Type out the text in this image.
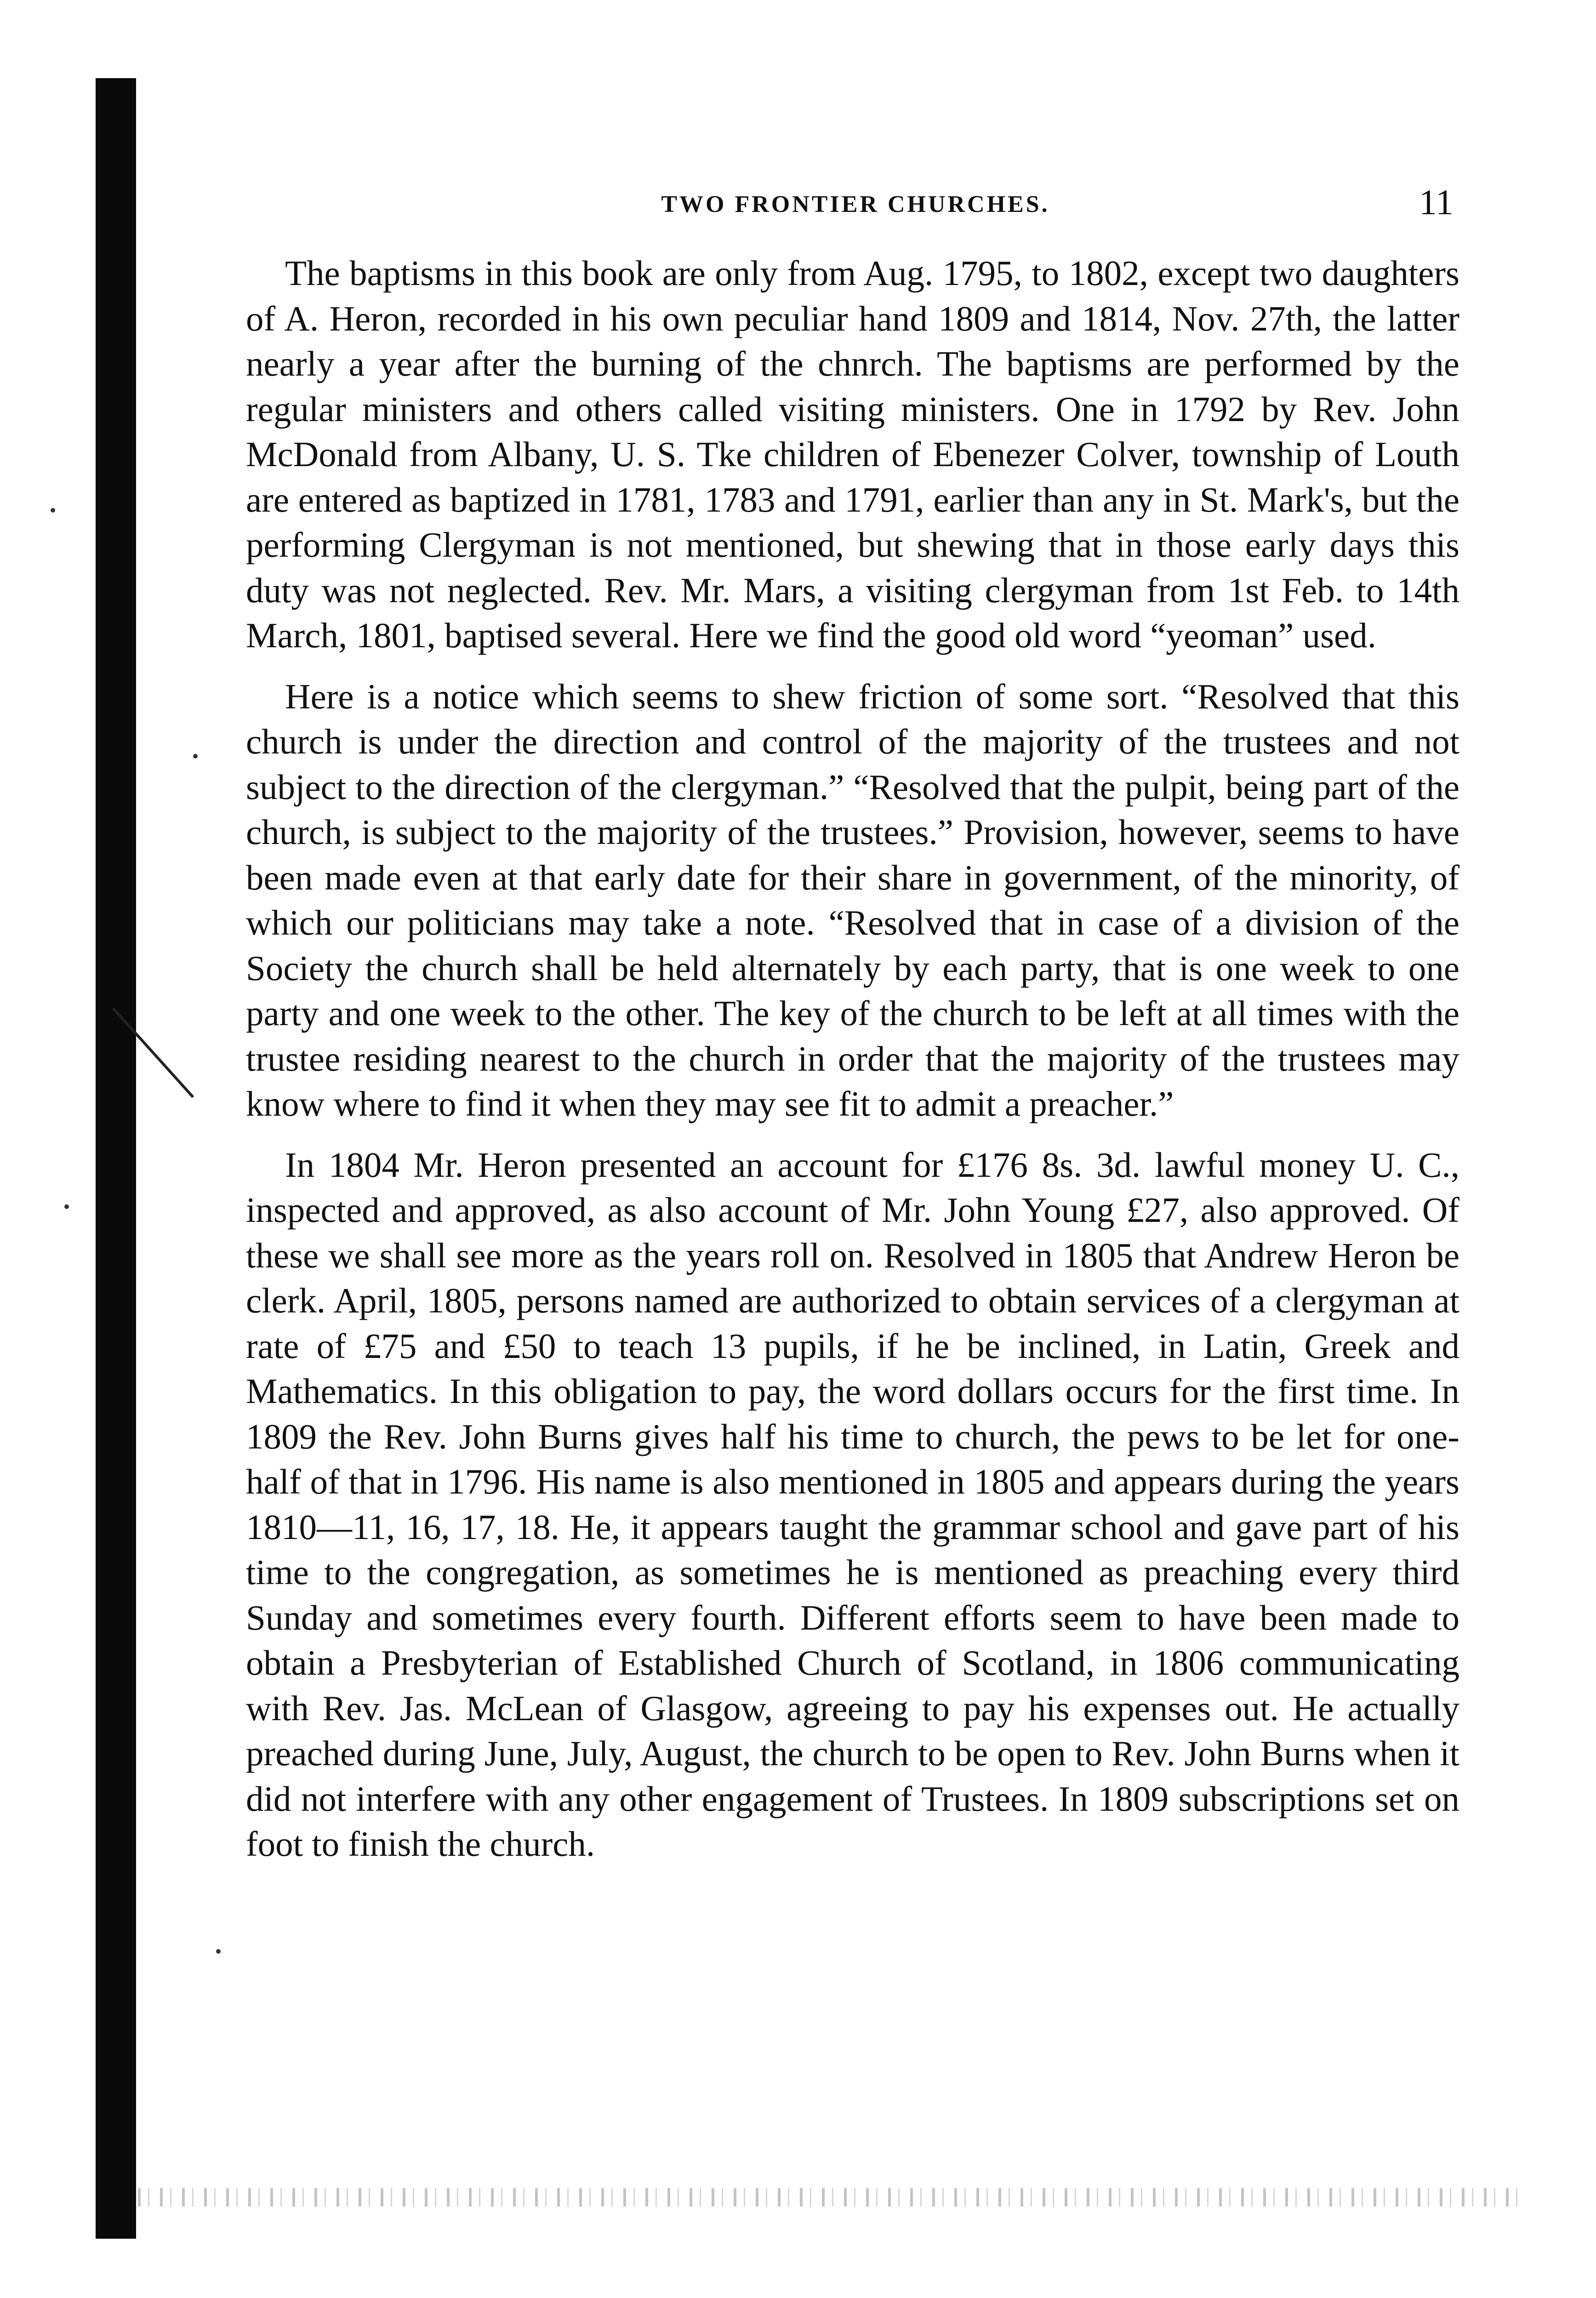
TWO FRONTIER CHURCHES.	11

The baptisms in this book are only from Aug. 1795, to 1802, except two daughters of A. Heron, recorded in his own peculiar hand 1809 and 1814, Nov. 27th, the latter nearly a year after the burning of the chnrch. The baptisms are performed by the regular ministers and others called visiting ministers. One in 1792 by Rev. John McDonald from Albany, U. S. Tke children of Ebenezer Colver, township of Louth are entered as baptized in 1781, 1783 and 1791, earlier than any in St. Mark's, but the performing Clergyman is not mentioned, but shewing that in those early days this duty was not neglected. Rev. Mr. Mars, a visiting clergyman from 1st Feb. to 14th March, 1801, baptised several. Here we find the good old word “yeoman” used.

Here is a notice which seems to shew friction of some sort. “Resolved that this church is under the direction and control of the majority of the trustees and not subject to the direction of the clergyman.” “Resolved that the pulpit, being part of the church, is subject to the majority of the trustees.” Provision, however, seems to have been made even at that early date for their share in government, of the minority, of which our politicians may take a note. “Resolved that in case of a division of the Society the church shall be held alternately by each party, that is one week to one party and one week to the other. The key of the church to be left at all times with the trustee residing nearest to the church in order that the majority of the trustees may know where to find it when they may see fit to admit a preacher.”

In 1804 Mr. Heron presented an account for £176 8s. 3d. lawful money U. C., inspected and approved, as also account of Mr. John Young £27, also approved. Of these we shall see more as the years roll on. Resolved in 1805 that Andrew Heron be clerk. April, 1805, persons named are authorized to obtain services of a clergyman at rate of £75 and £50 to teach 13 pupils, if he be inclined, in Latin, Greek and Mathematics. In this obligation to pay, the word dollars occurs for the first time. In 1809 the Rev. John Burns gives half his time to church, the pews to be let for one-half of that in 1796. His name is also mentioned in 1805 and appears during the years 1810—11, 16, 17, 18. He, it appears taught the grammar school and gave part of his time to the congregation, as sometimes he is mentioned as preaching every third Sunday and sometimes every fourth. Different efforts seem to have been made to obtain a Presbyterian of Established Church of Scotland, in 1806 communicating with Rev. Jas. McLean of Glasgow, agreeing to pay his expenses out. He actually preached during June, July, August, the church to be open to Rev. John Burns when it did not interfere with any other engagement of Trustees. In 1809 subscriptions set on foot to finish the church.
